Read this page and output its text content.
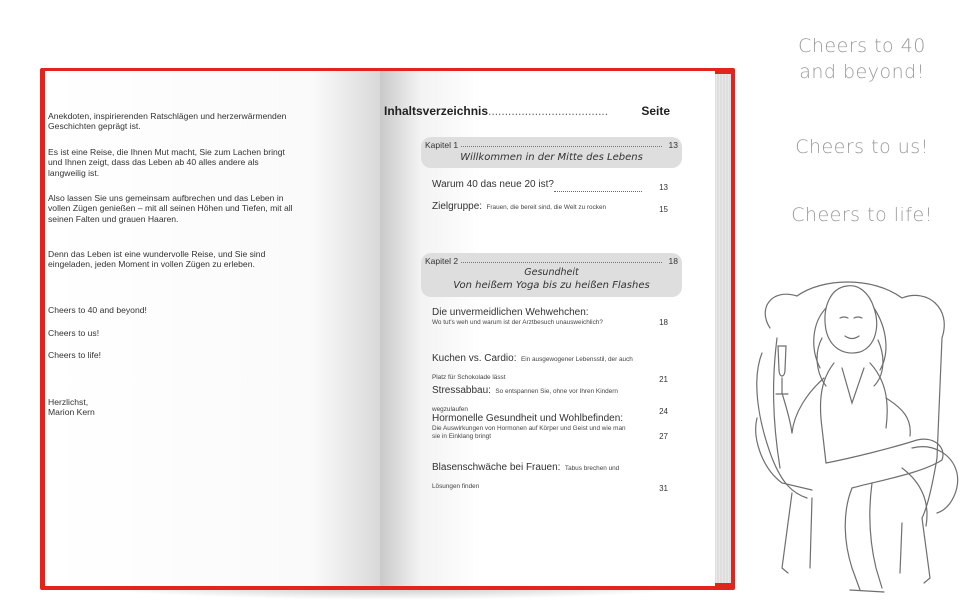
Anekdoten, inspirierenden Ratschlägen und herzerwärmenden Geschichten geprägt ist.
Es ist eine Reise, die Ihnen Mut macht, Sie zum Lachen bringt und Ihnen zeigt, dass das Leben ab 40 alles andere als langweilig ist.
Also lassen Sie uns gemeinsam aufbrechen und das Leben in vollen Zügen genießen – mit all seinen Höhen und Tiefen, mit all seinen Falten und grauen Haaren.
Denn das Leben ist eine wundervolle Reise, und Sie sind eingeladen, jeden Moment in vollen Zügen zu erleben.
Cheers to 40 and beyond!
Cheers to us!
Cheers to life!
Herzlichst,
Marion Kern
Inhaltsverzeichnis....................................	Seite
Kapitel 1	13
Willkommen in der Mitte des Lebens
Warum 40 das neue 20 ist?	13
Zielgruppe: Frauen, die bereit sind, die Welt zu rocken	15
Kapitel 2	18
Gesundheit
Von heißem Yoga bis zu heißen Flashes
Die unvermeidlichen Wehwehchen:
Wo tut's weh und warum ist der Arztbesuch unausweichlich?	18
Kuchen vs. Cardio: Ein ausgewogener Lebensstil, der auch Platz für Schokolade lässt	21
Stressabbau: So entspannen Sie, ohne vor Ihren Kindern wegzulaufen	24
Hormonelle Gesundheit und Wohlbefinden:
Die Auswirkungen von Hormonen auf Körper und Geist und wie man sie in Einklang bringt	27
Blasenschwäche bei Frauen: Tabus brechen und Lösungen finden	31
Cheers to 40
and beyond!
Cheers to us!
Cheers to life!
